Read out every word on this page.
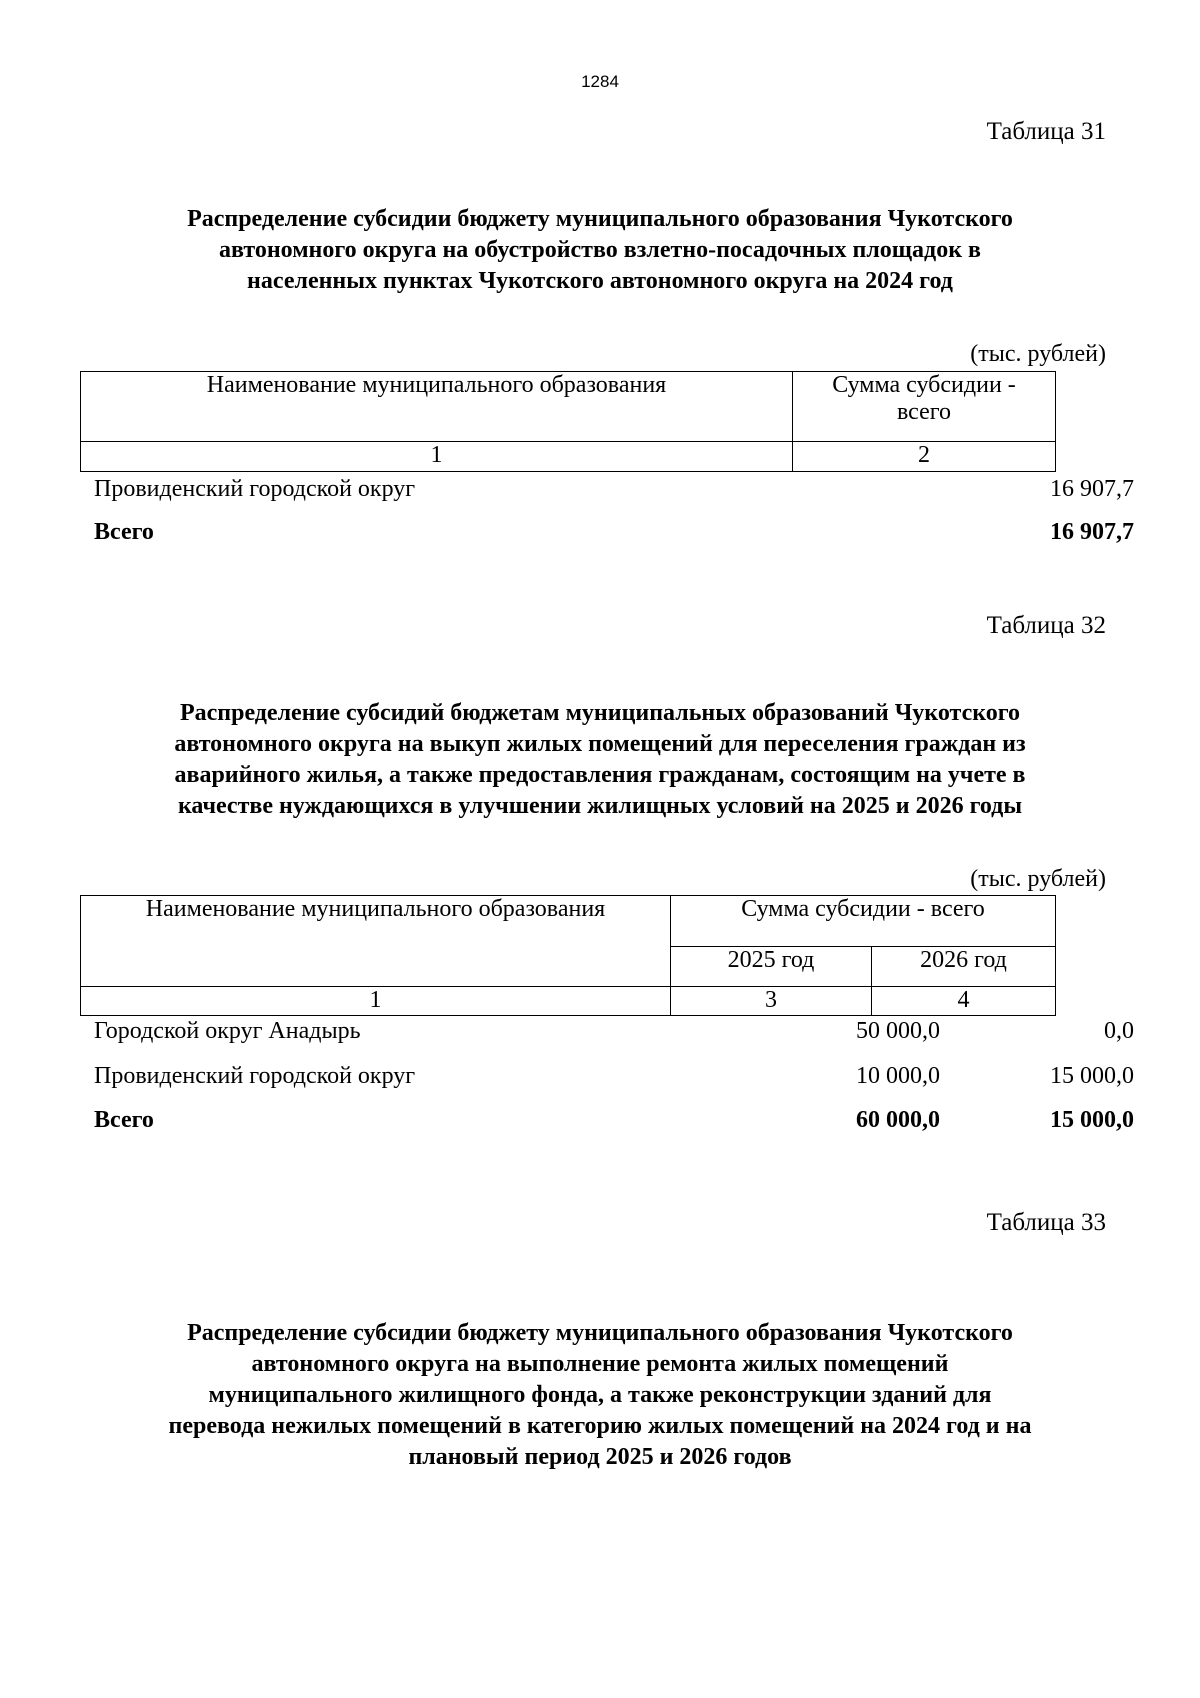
1284
Таблица 31
Распределение субсидии бюджету муниципального образования Чукотского
автономного округа на обустройство взлетно-посадочных площадок в
населенных пунктах Чукотского автономного округа на 2024 год
(тыс. рублей)
Наименование муниципального образования	Сумма субсидии -
всего

1	2
Провиденский городской округ	16 907,7
Всего	16 907,7
Таблица 32
Распределение субсидий бюджетам муниципальных образований Чукотского
автономного округа на выкуп жилых помещений для переселения граждан из
аварийного жилья, а также предоставления гражданам, состоящим на учете в
качестве нуждающихся в улучшении жилищных условий на 2025 и 2026 годы
(тыс. рублей)
Наименование муниципального образования	Сумма субсидии - всего	
	2025 год	2026 год
1	3	4
Городской округ Анадырь	50 000,0	0,0
Провиденский городской округ	10 000,0	15 000,0
Всего	60 000,0	15 000,0
Таблица 33
Распределение субсидии бюджету муниципального образования Чукотского
автономного округа на выполнение ремонта жилых помещений
муниципального жилищного фонда, а также реконструкции зданий для
перевода нежилых помещений в категорию жилых помещений на 2024 год и на
плановый период 2025 и 2026 годов
